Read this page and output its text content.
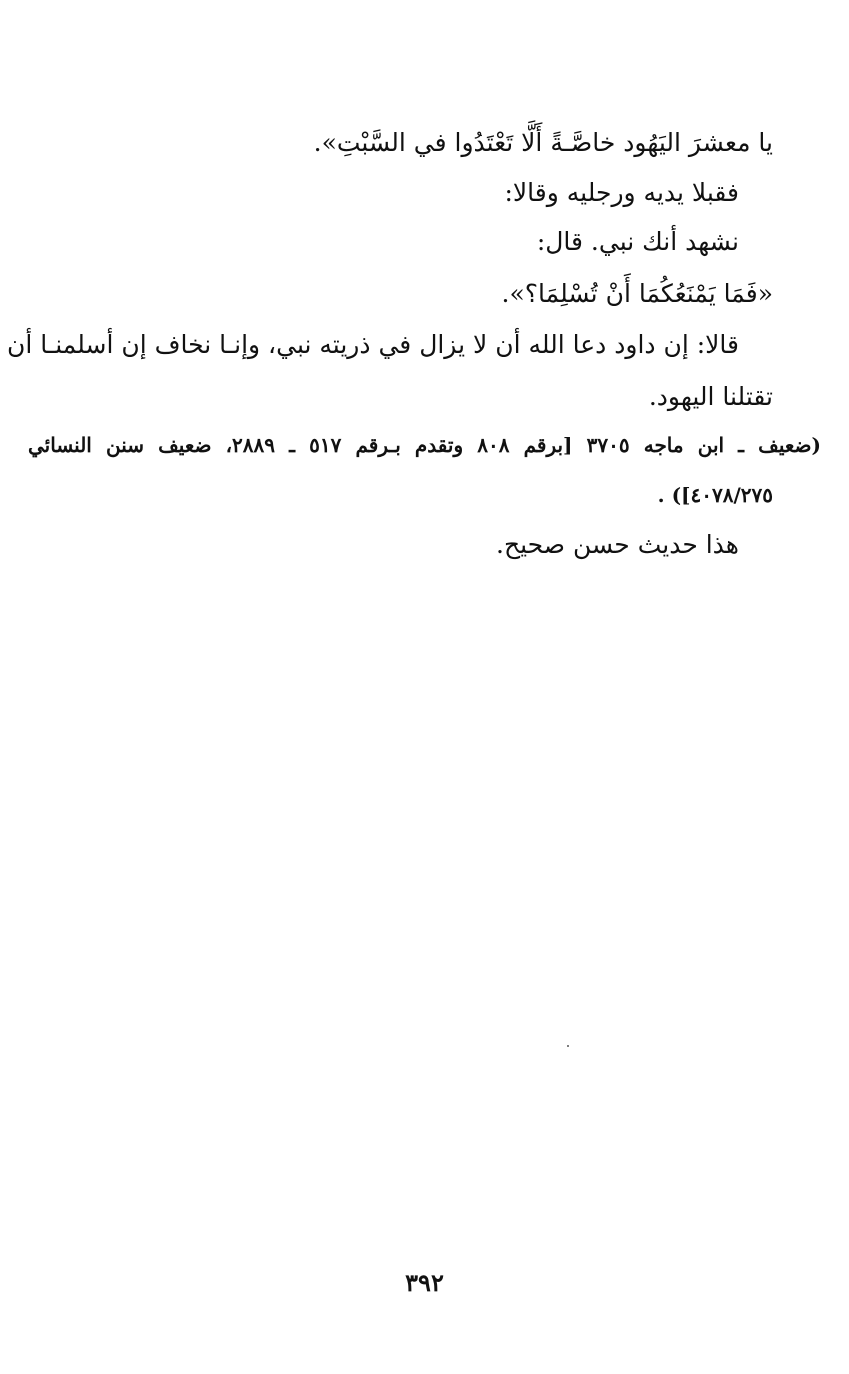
يا معشرَ اليَهُود خاصَّـةً أَلَّا تَعْتَدُوا في السَّبْتِ».
فقبلا يديه ورجليه وقالا:
نشهد أنك نبي. قال:
«فَمَا يَمْنَعُكُمَا أَنْ تُسْلِمَا؟».
قالا: إن داود دعا الله أن لا يزال في ذريته نبي، وإنـا نخاف إن أسلمنـا أن
تقتلنا اليهود.
(ضعيف ـ ابن ماجه ٣٧٠٥ [برقم ٨٠٨ وتقدم بـرقم ٥١٧ ـ ٢٨٨٩، ضعيف سنن النسائي
٤٠٧٨/٢٧٥]) .
هذا حديث حسن صحيح.
٣٩٢
